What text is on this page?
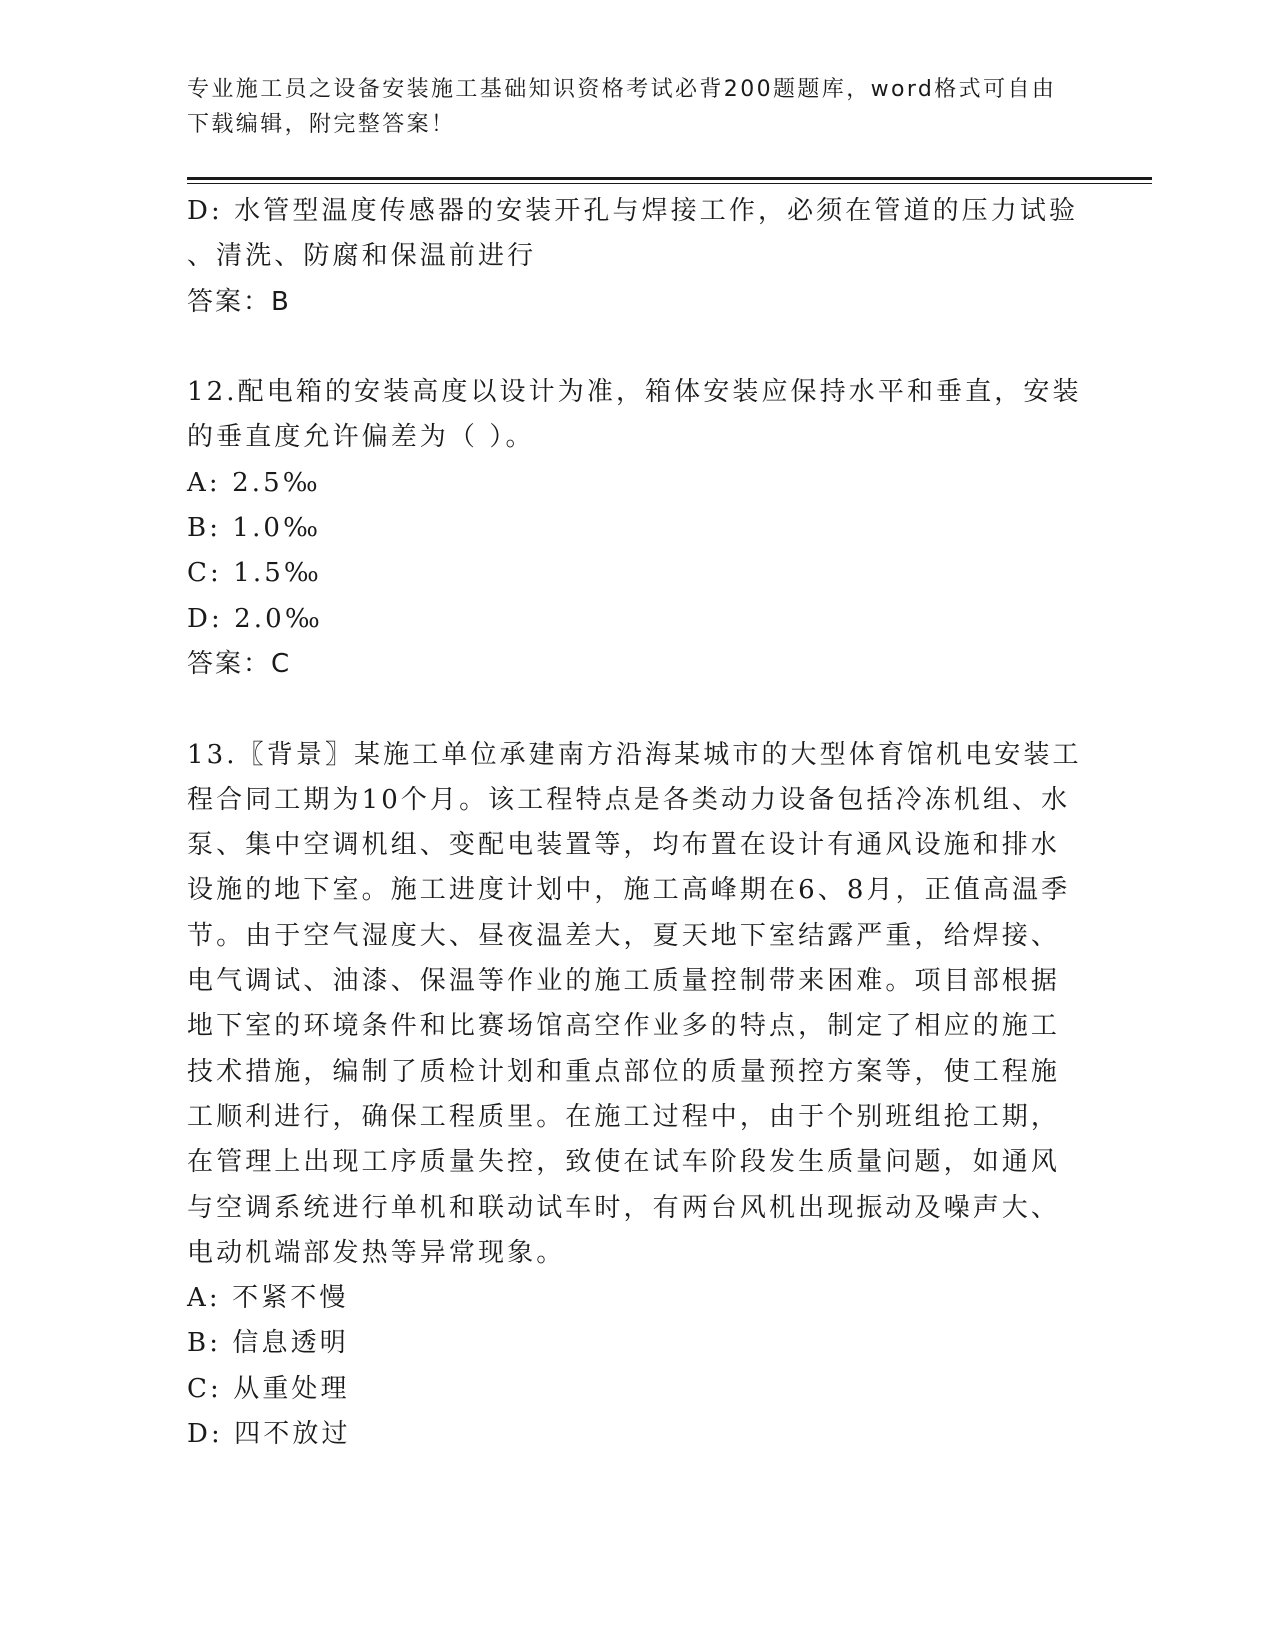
专业施工员之设备安装施工基础知识资格考试必背200题题库，word格式可自由
下载编辑，附完整答案！
D: 水管型温度传感器的安装开孔与焊接工作，必须在管道的压力试验
、清洗、防腐和保温前进行
答案：B
12.配电箱的安装高度以设计为准，箱体安装应保持水平和垂直，安装
的垂直度允许偏差为（ ）。
A: 2.5‰
B: 1.0‰
C: 1.5‰
D: 2.0‰
答案：C
13.〖背景〗某施工单位承建南方沿海某城市的大型体育馆机电安装工
程合同工期为10个月。该工程特点是各类动力设备包括冷冻机组、水
泵、集中空调机组、变配电装置等，均布置在设计有通风设施和排水
设施的地下室。施工进度计划中，施工高峰期在6、8月，正值高温季
节。由于空气湿度大、昼夜温差大，夏天地下室结露严重，给焊接、
电气调试、油漆、保温等作业的施工质量控制带来困难。项目部根据
地下室的环境条件和比赛场馆高空作业多的特点，制定了相应的施工
技术措施，编制了质检计划和重点部位的质量预控方案等，使工程施
工顺利进行，确保工程质里。在施工过程中，由于个别班组抢工期，
在管理上出现工序质量失控，致使在试车阶段发生质量问题，如通风
与空调系统进行单机和联动试车时，有两台风机出现振动及噪声大、
电动机端部发热等异常现象。
A: 不紧不慢
B: 信息透明
C: 从重处理
D: 四不放过
